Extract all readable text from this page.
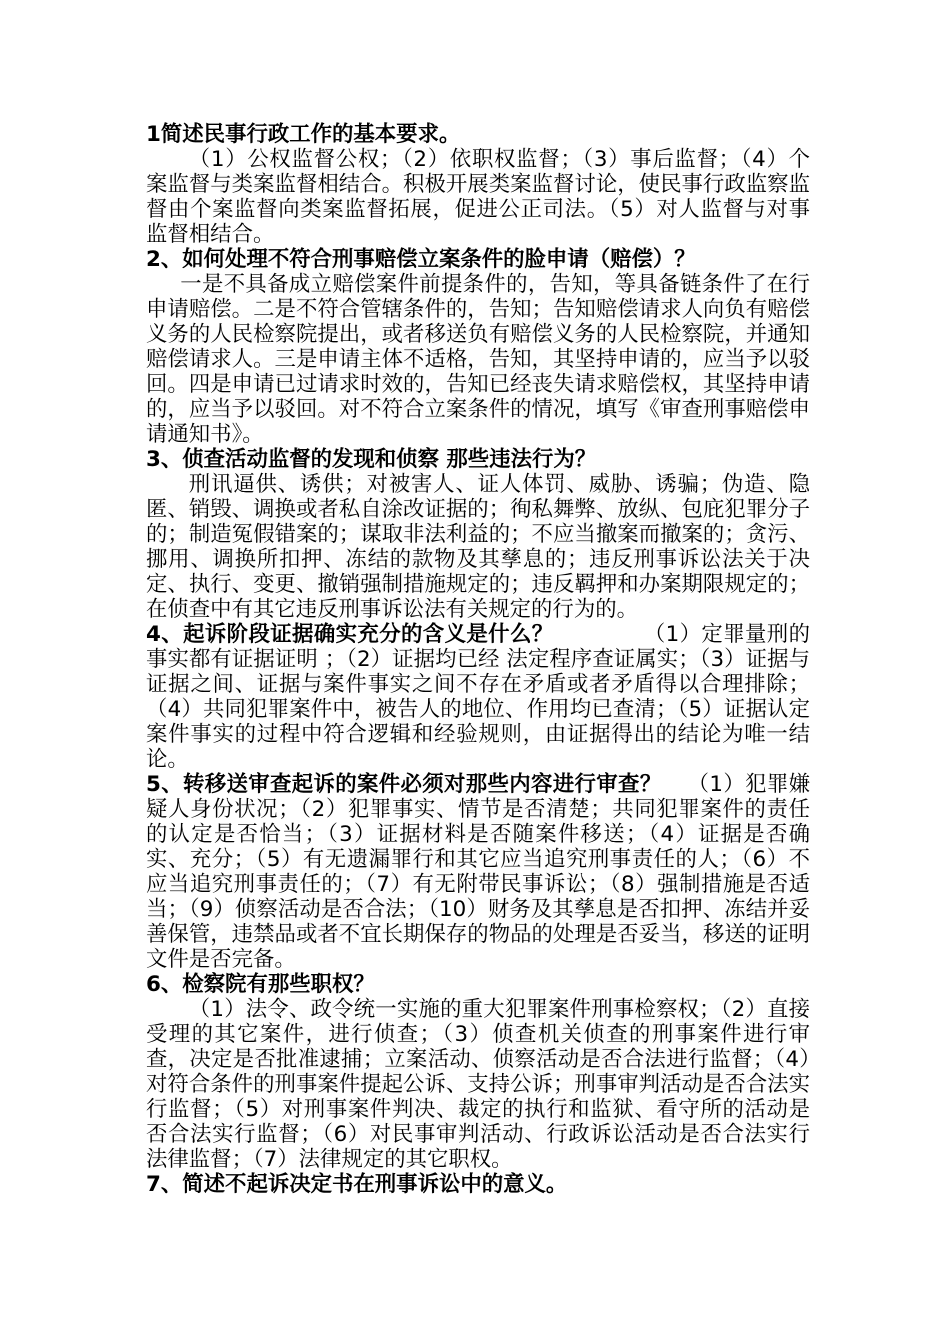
1简述民事行政工作的基本要求。

（1）公权监督公权；（2）依职权监督；（3）事后监督；（4）个案监督与类案监督相结合。积极开展类案监督讨论，使民事行政监察监督由个案监督向类案监督拓展，促进公正司法。（5）对人监督与对事监督相结合。

2、如何处理不符合刑事赔偿立案条件的脸申请（赔偿）？

一是不具备成立赔偿案件前提条件的，告知，等具备链条件了在行申请赔偿。二是不符合管辖条件的，告知；告知赔偿请求人向负有赔偿义务的人民检察院提出，或者移送负有赔偿义务的人民检察院，并通知赔偿请求人。三是申请主体不适格，告知，其坚持申请的，应当予以驳回。四是申请已过请求时效的，告知已经丧失请求赔偿权，其坚持申请的，应当予以驳回。对不符合立案条件的情况，填写《审查刑事赔偿申请通知书》。

3、侦查活动监督的发现和侦察 那些违法行为？

刑讯逼供、诱供；对被害人、证人体罚、威胁、诱骗；伪造、隐匿、销毁、调换或者私自涂改证据的；徇私舞弊、放纵、包庇犯罪分子的；制造冤假错案的；谋取非法利益的；不应当撤案而撤案的；贪污、挪用、调换所扣押、冻结的款物及其孳息的；违反刑事诉讼法关于决定、执行、变更、撤销强制措施规定的；违反羁押和办案期限规定的；在侦查中有其它违反刑事诉讼法有关规定的行为的。

4、起诉阶段证据确实充分的含义是什么？	（1）定罪量刑的事实都有证据证明 ；（2）证据均已经 法定程序查证属实；（3）证据与证据之间、证据与案件事实之间不存在矛盾或者矛盾得以合理排除；（4）共同犯罪案件中，被告人的地位、作用均已查清；（5）证据认定案件事实的过程中符合逻辑和经验规则，由证据得出的结论为唯一结论。

5、转移送审查起诉的案件必须对那些内容进行审查？ （1）犯罪嫌疑人身份状况；（2）犯罪事实、情节是否清楚；共同犯罪案件的责任的认定是否恰当；（3）证据材料是否随案件移送；（4）证据是否确实、充分；（5）有无遗漏罪行和其它应当追究刑事责任的人；（6）不应当追究刑事责任的；（7）有无附带民事诉讼；（8）强制措施是否适当；（9）侦察活动是否合法；（10）财务及其孳息是否扣押、冻结并妥善保管，违禁品或者不宜长期保存的物品的处理是否妥当，移送的证明文件是否完备。

6、检察院有那些职权？

（1）法令、政令统一实施的重大犯罪案件刑事检察权；（2）直接受理的其它案件，进行侦查；（3）侦查机关侦查的刑事案件进行审查，决定是否批准逮捕；立案活动、侦察活动是否合法进行监督；（4）对符合条件的刑事案件提起公诉、支持公诉；刑事审判活动是否合法实行监督；（5）对刑事案件判决、裁定的执行和监狱、看守所的活动是否合法实行监督；（6）对民事审判活动、行政诉讼活动是否合法实行法律监督；（7）法律规定的其它职权。

7、简述不起诉决定书在刑事诉讼中的意义。
